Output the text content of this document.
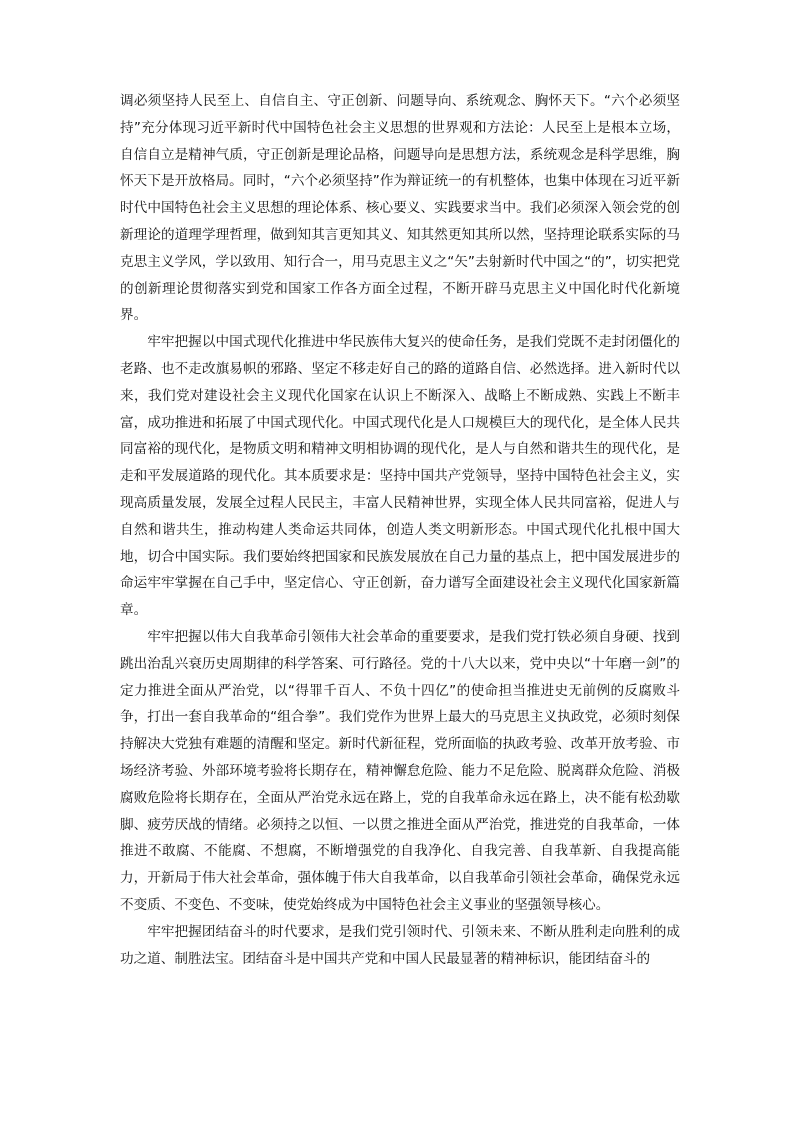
调必须坚持人民至上、自信自主、守正创新、问题导向、系统观念、胸怀天下。“六个必须坚持”充分体现习近平新时代中国特色社会主义思想的世界观和方法论：人民至上是根本立场，自信自立是精神气质，守正创新是理论品格，问题导向是思想方法，系统观念是科学思维，胸怀天下是开放格局。同时，“六个必须坚持”作为辩证统一的有机整体，也集中体现在习近平新时代中国特色社会主义思想的理论体系、核心要义、实践要求当中。我们必须深入领会党的创新理论的道理学理哲理，做到知其言更知其义、知其然更知其所以然，坚持理论联系实际的马克思主义学风，学以致用、知行合一，用马克思主义之“矢”去射新时代中国之“的”，切实把党的创新理论贯彻落实到党和国家工作各方面全过程，不断开辟马克思主义中国化时代化新境界。

牢牢把握以中国式现代化推进中华民族伟大复兴的使命任务，是我们党既不走封闭僵化的老路、也不走改旗易帜的邪路、坚定不移走好自己的路的道路自信、必然选择。进入新时代以来，我们党对建设社会主义现代化国家在认识上不断深入、战略上不断成熟、实践上不断丰富，成功推进和拓展了中国式现代化。中国式现代化是人口规模巨大的现代化，是全体人民共同富裕的现代化，是物质文明和精神文明相协调的现代化，是人与自然和谐共生的现代化，是走和平发展道路的现代化。其本质要求是：坚持中国共产党领导，坚持中国特色社会主义，实现高质量发展，发展全过程人民民主，丰富人民精神世界，实现全体人民共同富裕，促进人与自然和谐共生，推动构建人类命运共同体，创造人类文明新形态。中国式现代化扎根中国大地，切合中国实际。我们要始终把国家和民族发展放在自己力量的基点上，把中国发展进步的命运牢牢掌握在自己手中，坚定信心、守正创新，奋力谱写全面建设社会主义现代化国家新篇章。

牢牢把握以伟大自我革命引领伟大社会革命的重要要求，是我们党打铁必须自身硬、找到跳出治乱兴衰历史周期律的科学答案、可行路径。党的十八大以来，党中央以“十年磨一剑”的定力推进全面从严治党，以“得罪千百人、不负十四亿”的使命担当推进史无前例的反腐败斗争，打出一套自我革命的“组合拳”。我们党作为世界上最大的马克思主义执政党，必须时刻保持解决大党独有难题的清醒和坚定。新时代新征程，党所面临的执政考验、改革开放考验、市场经济考验、外部环境考验将长期存在，精神懈怠危险、能力不足危险、脱离群众危险、消极腐败危险将长期存在，全面从严治党永远在路上，党的自我革命永远在路上，决不能有松劲歇脚、疲劳厌战的情绪。必须持之以恒、一以贯之推进全面从严治党，推进党的自我革命，一体推进不敢腐、不能腐、不想腐，不断增强党的自我净化、自我完善、自我革新、自我提高能力，开新局于伟大社会革命，强体魄于伟大自我革命，以自我革命引领社会革命，确保党永远不变质、不变色、不变味，使党始终成为中国特色社会主义事业的坚强领导核心。

牢牢把握团结奋斗的时代要求，是我们党引领时代、引领未来、不断从胜利走向胜利的成功之道、制胜法宝。团结奋斗是中国共产党和中国人民最显著的精神标识，能团结奋斗的
